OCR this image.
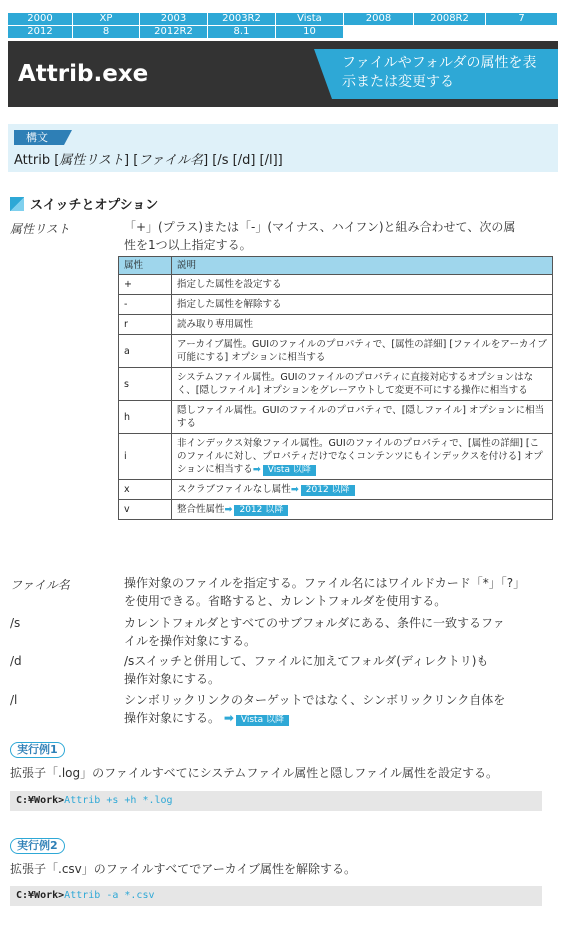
2000	XP	2003	2003R2	Vista	2008	2008R2	7
2012	8	2012R2	8.1	10
Attrib.exe	ファイルやフォルダの属性を表
示または変更する
構文
Attrib [属性リスト] [ファイル名] [/s [/d] [/l]]
スイッチとオプション
属性リスト	「+」(プラス)または「-」(マイナス、ハイフン)と組み合わせて、次の属
性を1つ以上指定する。
属性	説明
+	指定した属性を設定する
-	指定した属性を解除する
r	読み取り専用属性
a	アーカイブ属性。GUIのファイルのプロパティで、[属性の詳細] [ファイルをアーカイブ可能にする] オプションに相当する
s	システムファイル属性。GUIのファイルのプロパティに直接対応するオプションはなく、[隠しファイル] オプションをグレーアウトして変更不可にする操作に相当する
h	隠しファイル属性。GUIのファイルのプロパティで、[隠しファイル] オプションに相当する
i	非インデックス対象ファイル属性。GUIのファイルのプロパティで、[属性の詳細] [このファイルに対し、プロパティだけでなくコンテンツにもインデックスを付ける] オプションに相当する➡ Vista 以降
x	スクラブファイルなし属性➡ 2012 以降
v	整合性属性➡ 2012 以降
ファイル名	操作対象のファイルを指定する。ファイル名にはワイルドカード「*」「?」
を使用できる。省略すると、カレントフォルダを使用する。
/s	カレントフォルダとすべてのサブフォルダにある、条件に一致するファ
イルを操作対象にする。
/d	/sスイッチと併用して、ファイルに加えてフォルダ(ディレクトリ)も
操作対象にする。
/l	シンボリックリンクのターゲットではなく、シンボリックリンク自体を
操作対象にする。 ➡ Vista 以降
実行例1
拡張子「.log」のファイルすべてにシステムファイル属性と隠しファイル属性を設定する。
C:¥Work>Attrib +s +h *.log
実行例2
拡張子「.csv」のファイルすべてでアーカイブ属性を解除する。
C:¥Work>Attrib -a *.csv
